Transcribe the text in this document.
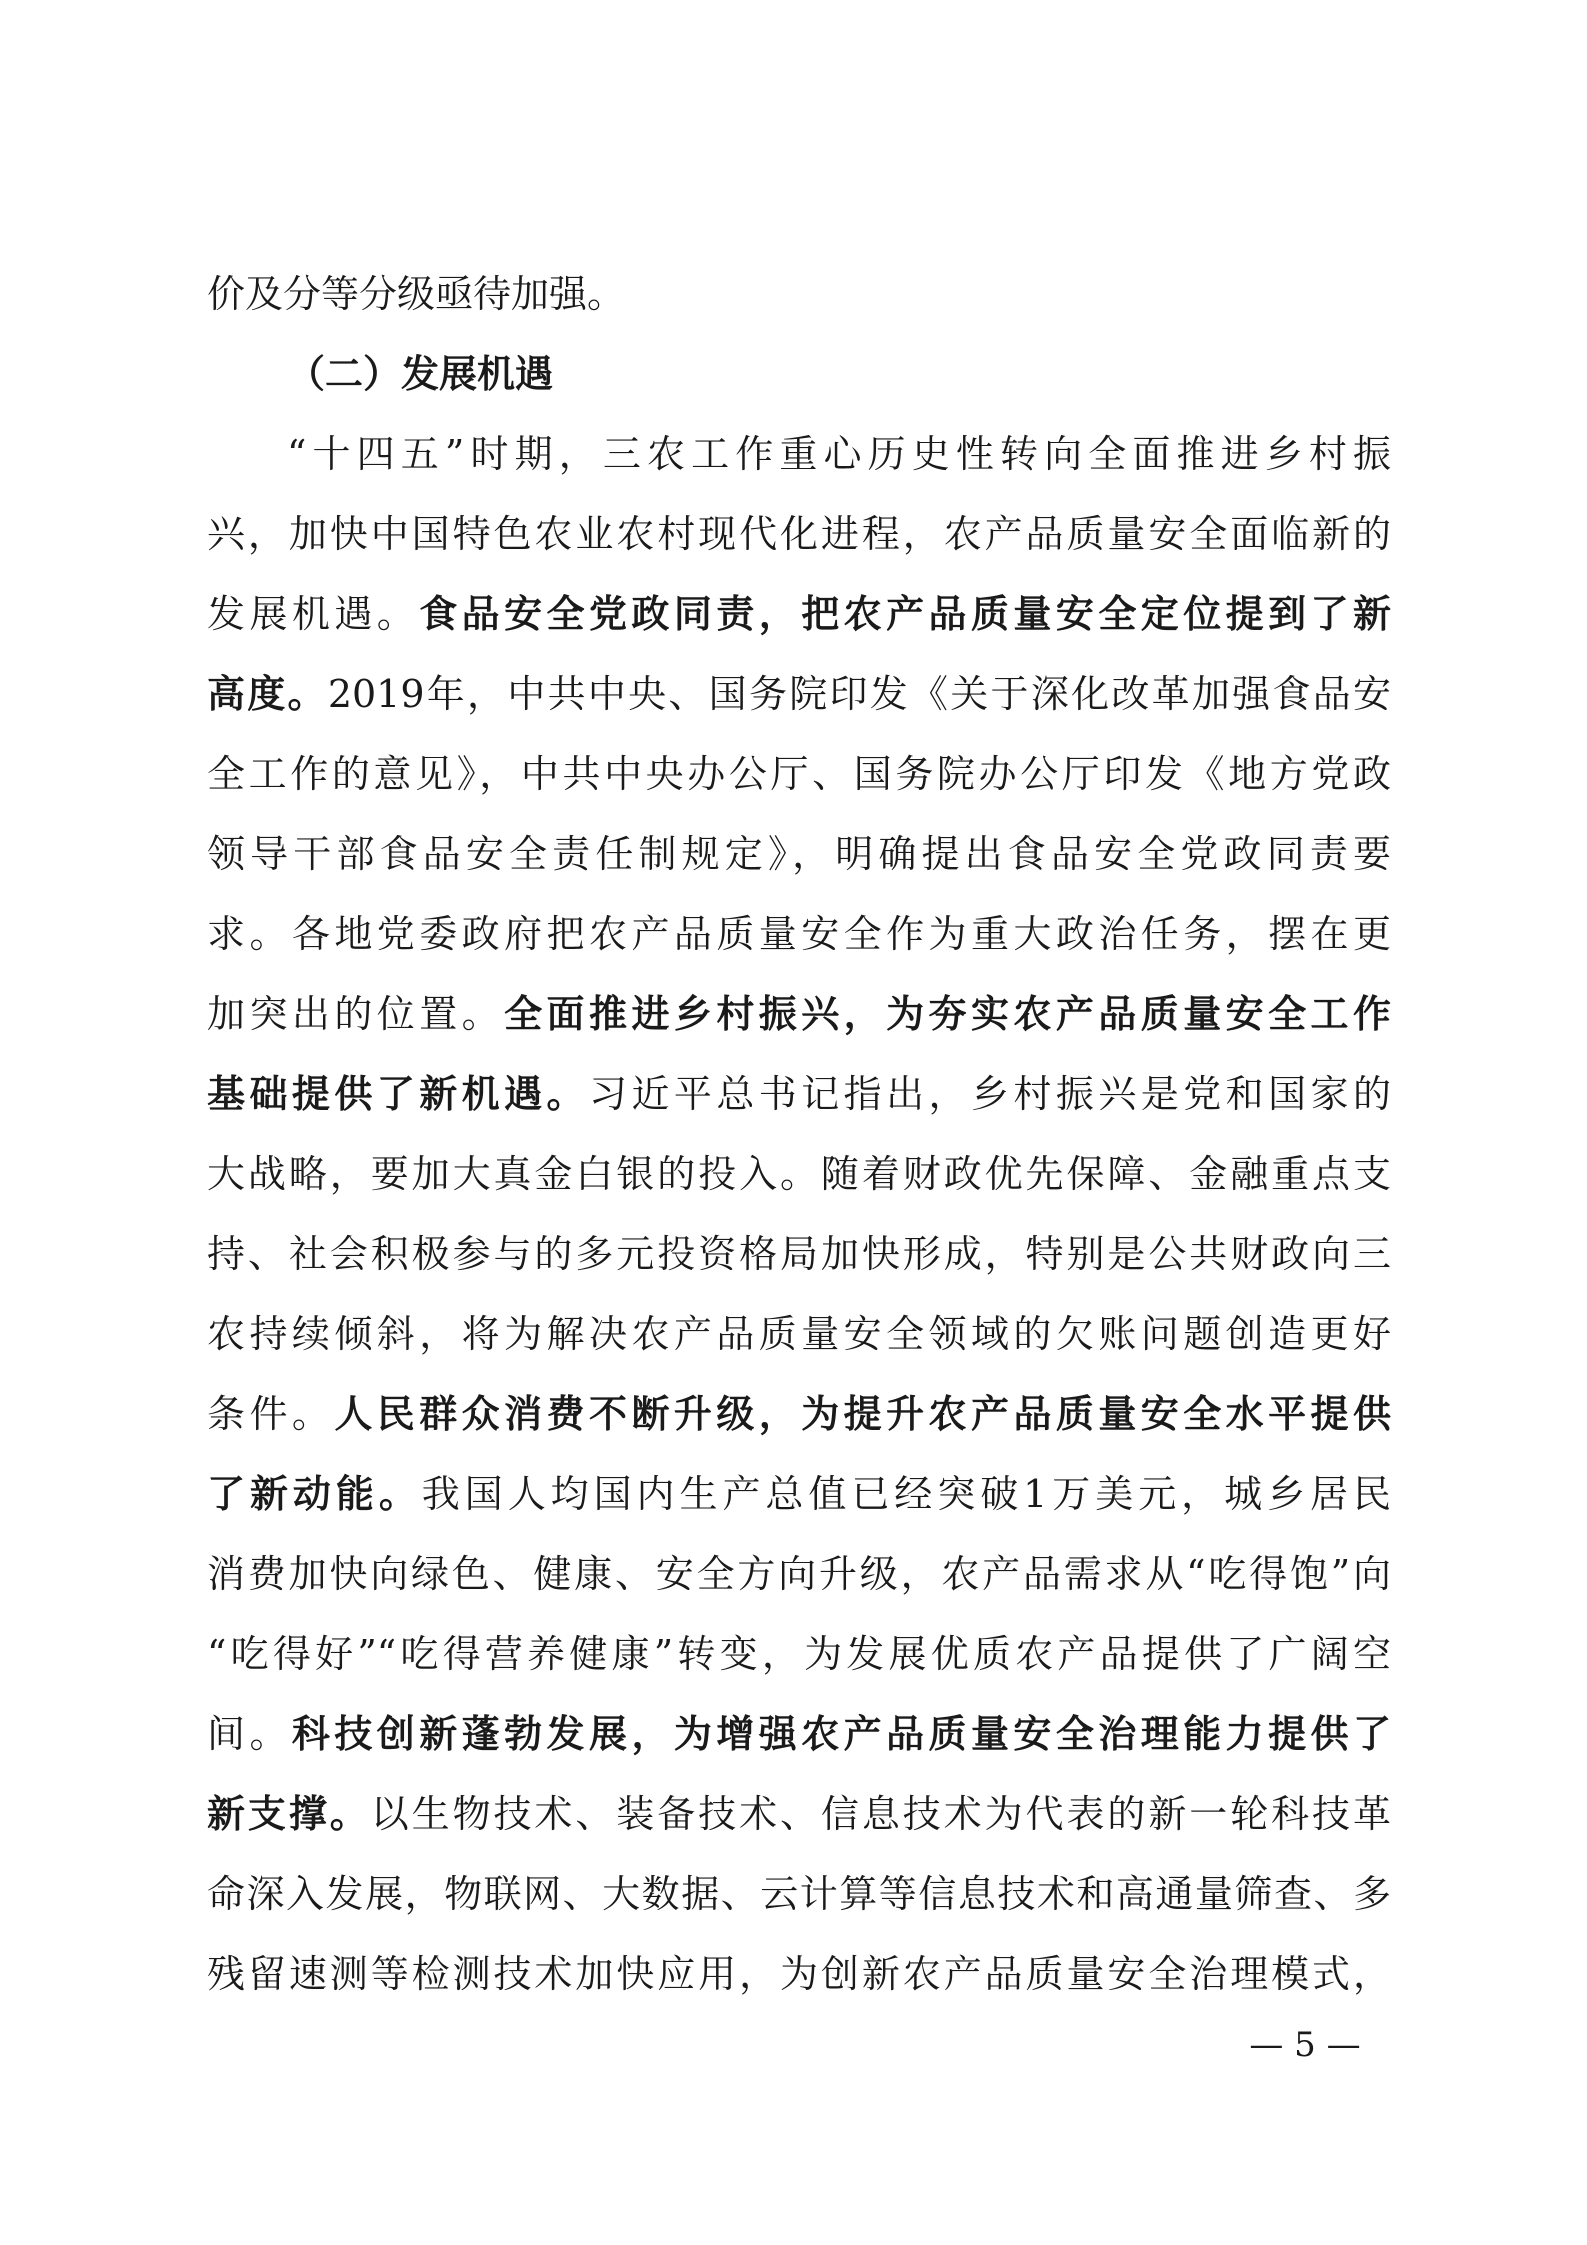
价及分等分级亟待加强。
（二）发展机遇
“十四五”时期，三农工作重心历史性转向全面推进乡村振
兴，加快中国特色农业农村现代化进程，农产品质量安全面临新的
发展机遇。食品安全党政同责，把农产品质量安全定位提到了新
高度。2019年，中共中央、国务院印发《关于深化改革加强食品安
全工作的意见》，中共中央办公厅、国务院办公厅印发《地方党政
领导干部食品安全责任制规定》，明确提出食品安全党政同责要
求。各地党委政府把农产品质量安全作为重大政治任务，摆在更
加突出的位置。全面推进乡村振兴，为夯实农产品质量安全工作
基础提供了新机遇。习近平总书记指出，乡村振兴是党和国家的
大战略，要加大真金白银的投入。随着财政优先保障、金融重点支
持、社会积极参与的多元投资格局加快形成，特别是公共财政向三
农持续倾斜，将为解决农产品质量安全领域的欠账问题创造更好
条件。人民群众消费不断升级，为提升农产品质量安全水平提供
了新动能。我国人均国内生产总值已经突破1万美元，城乡居民
消费加快向绿色、健康、安全方向升级，农产品需求从“吃得饱”向
“吃得好”“吃得营养健康”转变，为发展优质农产品提供了广阔空
间。科技创新蓬勃发展，为增强农产品质量安全治理能力提供了
新支撑。以生物技术、装备技术、信息技术为代表的新一轮科技革
命深入发展，物联网、大数据、云计算等信息技术和高通量筛查、多
残留速测等检测技术加快应用，为创新农产品质量安全治理模式，
— 5 —
